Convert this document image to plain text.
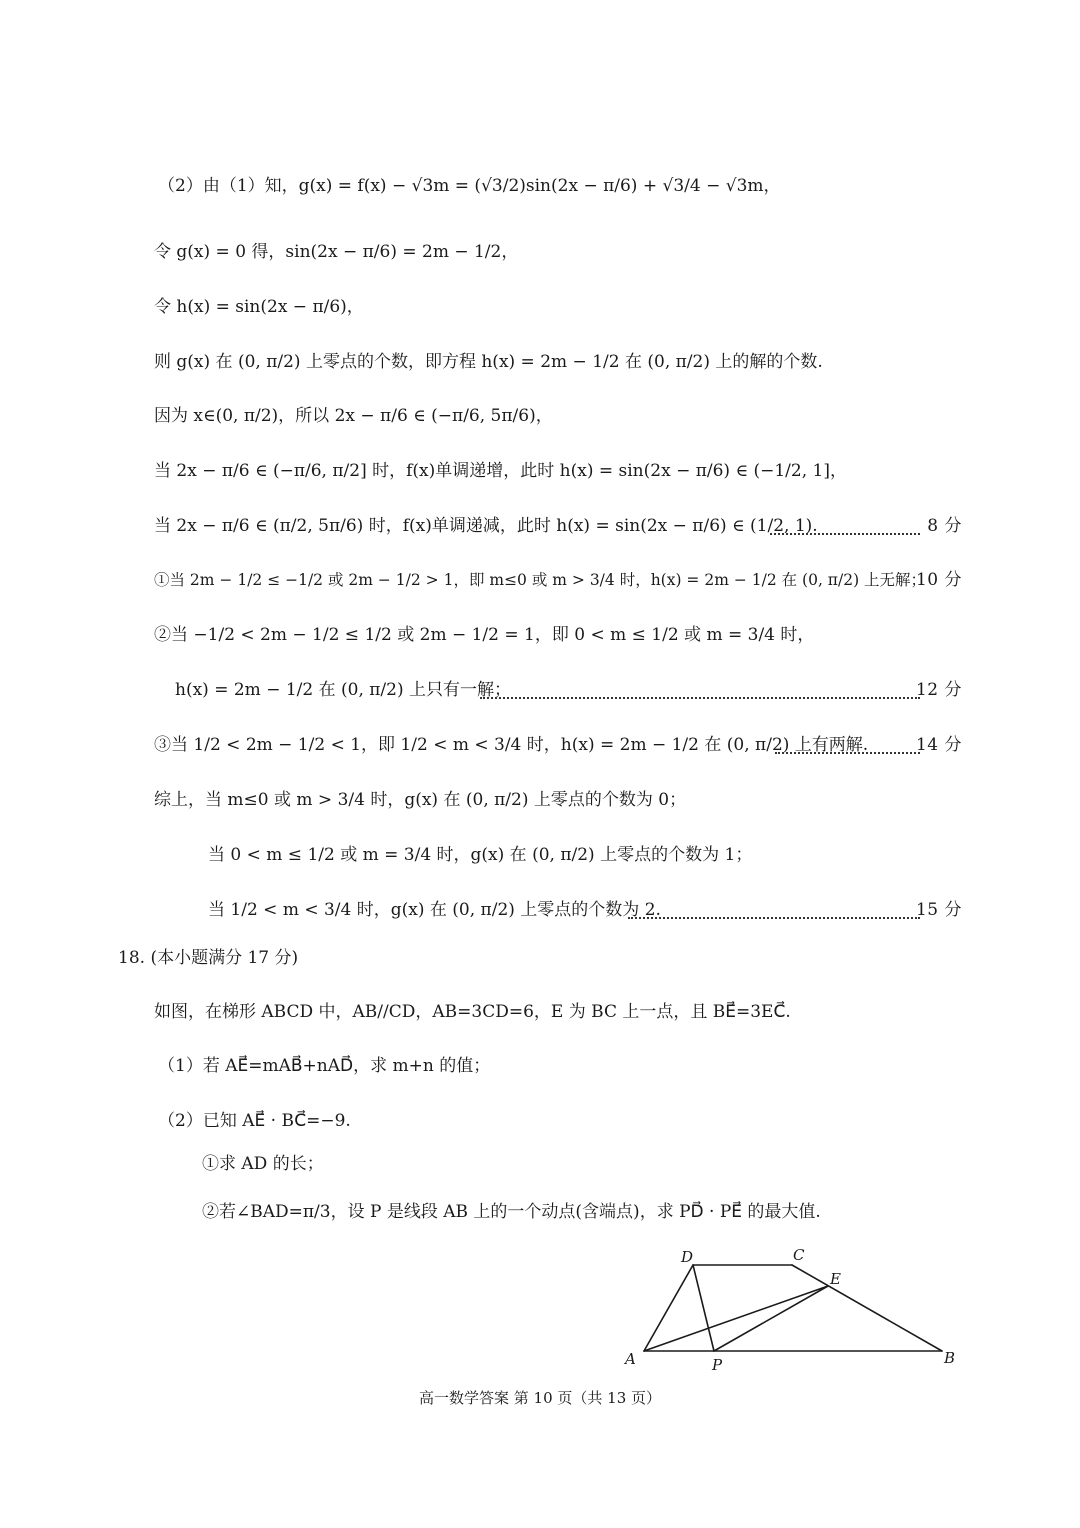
（2）由（1）知，g(x) = f(x) − √3m = (√3/2)sin(2x − π/6) + √3/4 − √3m，
令 g(x) = 0 得，sin(2x − π/6) = 2m − 1/2，
令 h(x) = sin(2x − π/6)，
则 g(x) 在 (0, π/2) 上零点的个数，即方程 h(x) = 2m − 1/2 在 (0, π/2) 上的解的个数.
因为 x∈(0, π/2)，所以 2x − π/6 ∈ (−π/6, 5π/6)，
当 2x − π/6 ∈ (−π/6, π/2] 时，f(x)单调递增，此时 h(x) = sin(2x − π/6) ∈ (−1/2, 1]，
当 2x − π/6 ∈ (π/2, 5π/6) 时，f(x)单调递减，此时 h(x) = sin(2x − π/6) ∈ (1/2, 1).	8 分
①当 2m − 1/2 ≤ −1/2 或 2m − 1/2 > 1，即 m≤0 或 m > 3/4 时，h(x) = 2m − 1/2 在 (0, π/2) 上无解；
10 分
②当 −1/2 < 2m − 1/2 ≤ 1/2 或 2m − 1/2 = 1，即 0 < m ≤ 1/2 或 m = 3/4 时，
h(x) = 2m − 1/2 在 (0, π/2) 上只有一解；	12 分
③当 1/2 < 2m − 1/2 < 1，即 1/2 < m < 3/4 时，h(x) = 2m − 1/2 在 (0, π/2) 上有两解.	14 分
综上，当 m≤0 或 m > 3/4 时，g(x) 在 (0, π/2) 上零点的个数为 0；
当 0 < m ≤ 1/2 或 m = 3/4 时，g(x) 在 (0, π/2) 上零点的个数为 1；
当 1/2 < m < 3/4 时，g(x) 在 (0, π/2) 上零点的个数为 2.	15 分
18. (本小题满分 17 分)
如图，在梯形 ABCD 中，AB//CD，AB=3CD=6，E 为 BC 上一点，且 BE⃗=3EC⃗.
（1）若 AE⃗=mAB⃗+nAD⃗，求 m+n 的值；
（2）已知 AE⃗ · BC⃗=−9.
①求 AD 的长；
②若∠BAD=π/3，设 P 是线段 AB 上的一个动点(含端点)，求 PD⃗ · PE⃗ 的最大值.
A	B
C
D
E
P
高一数学答案 第 10 页（共 13 页）
